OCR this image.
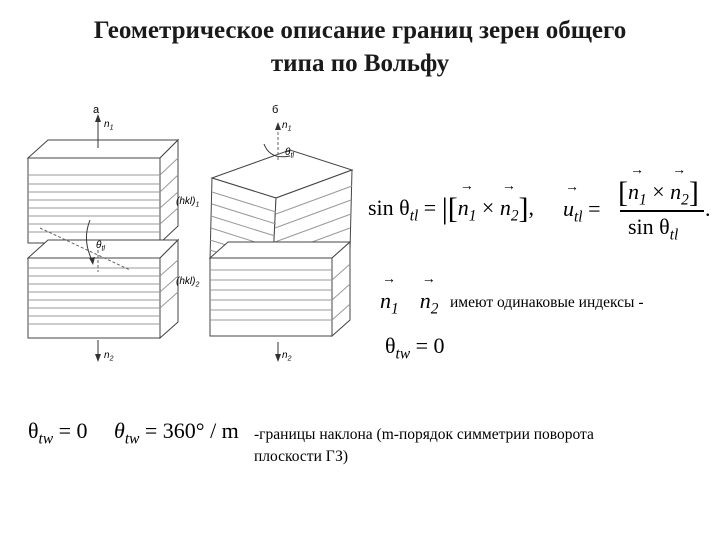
Геометрическое описание границ зерен общего
типа по Вольфу
а	б
$n_1$
$n_2$
$n_1$
$n_2$
$\theta_{tl}$
$\theta_{tl}$
$(hkl)_1$
$(hkl)_2$
$\sin \theta_{tl}$ = |[
→
$n_1$ ×
→
$n_2$],
→
$u_{tl}$ = [
→
$n_1$ ×
→
$n_2$]
$\sin \theta_{tl}$
.
→
$n_1$
→
$n_2$ имеют одинаковые индексы -
$\theta_{tw} = 0$
$\theta_{tw} = 0$ $\theta_{tw} = 360^\circ / m$ -границы наклона (m-порядок симметрии поворота
плоскости ГЗ)
